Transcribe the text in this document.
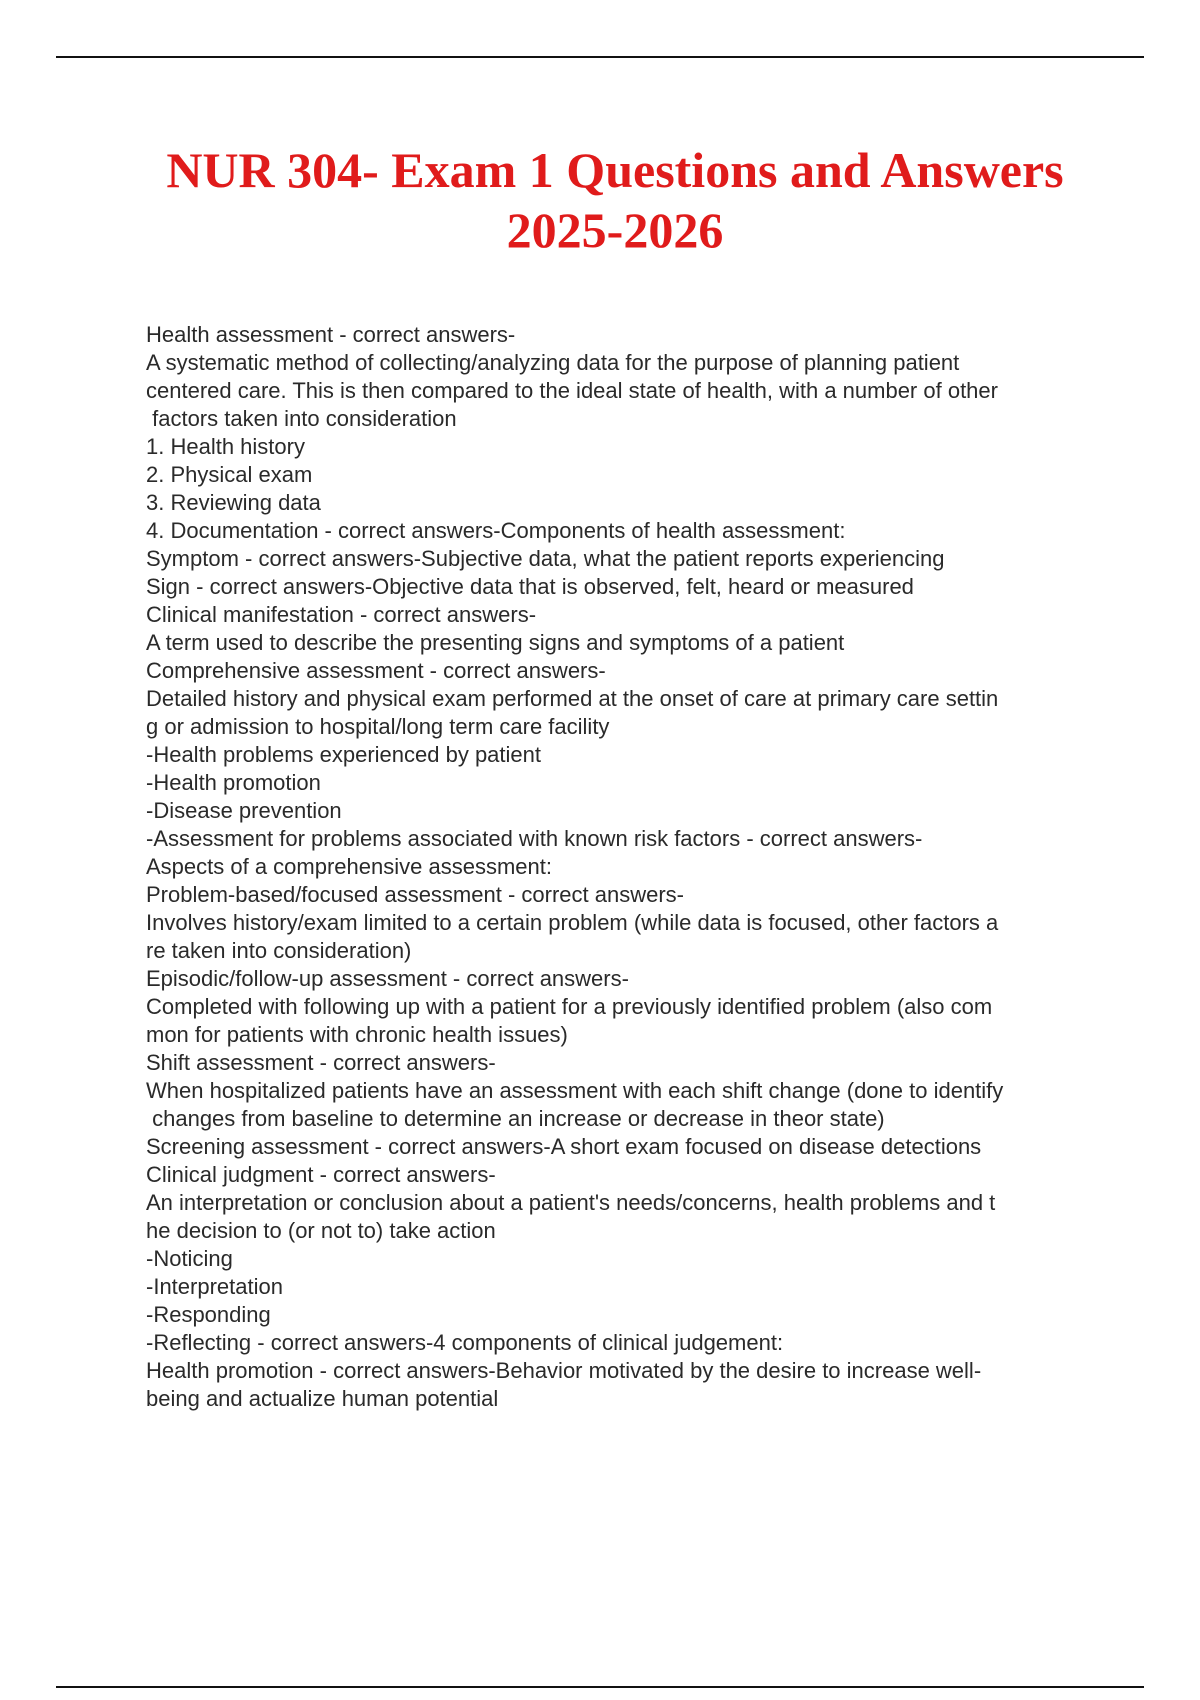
NUR 304- Exam 1 Questions and Answers
2025-2026
Health assessment - correct answers-
A systematic method of collecting/analyzing data for the purpose of planning patient
centered care. This is then compared to the ideal state of health, with a number of other
factors taken into consideration
1. Health history
2. Physical exam
3. Reviewing data
4. Documentation - correct answers-Components of health assessment:
Symptom - correct answers-Subjective data, what the patient reports experiencing
Sign - correct answers-Objective data that is observed, felt, heard or measured
Clinical manifestation - correct answers-
A term used to describe the presenting signs and symptoms of a patient
Comprehensive assessment - correct answers-
Detailed history and physical exam performed at the onset of care at primary care settin
g or admission to hospital/long term care facility
-Health problems experienced by patient
-Health promotion
-Disease prevention
-Assessment for problems associated with known risk factors - correct answers-
Aspects of a comprehensive assessment:
Problem-based/focused assessment - correct answers-
Involves history/exam limited to a certain problem (while data is focused, other factors a
re taken into consideration)
Episodic/follow-up assessment - correct answers-
Completed with following up with a patient for a previously identified problem (also com
mon for patients with chronic health issues)
Shift assessment - correct answers-
When hospitalized patients have an assessment with each shift change (done to identify
changes from baseline to determine an increase or decrease in theor state)
Screening assessment - correct answers-A short exam focused on disease detections
Clinical judgment - correct answers-
An interpretation or conclusion about a patient's needs/concerns, health problems and t
he decision to (or not to) take action
-Noticing
-Interpretation
-Responding
-Reflecting - correct answers-4 components of clinical judgement:
Health promotion - correct answers-Behavior motivated by the desire to increase well-
being and actualize human potential
